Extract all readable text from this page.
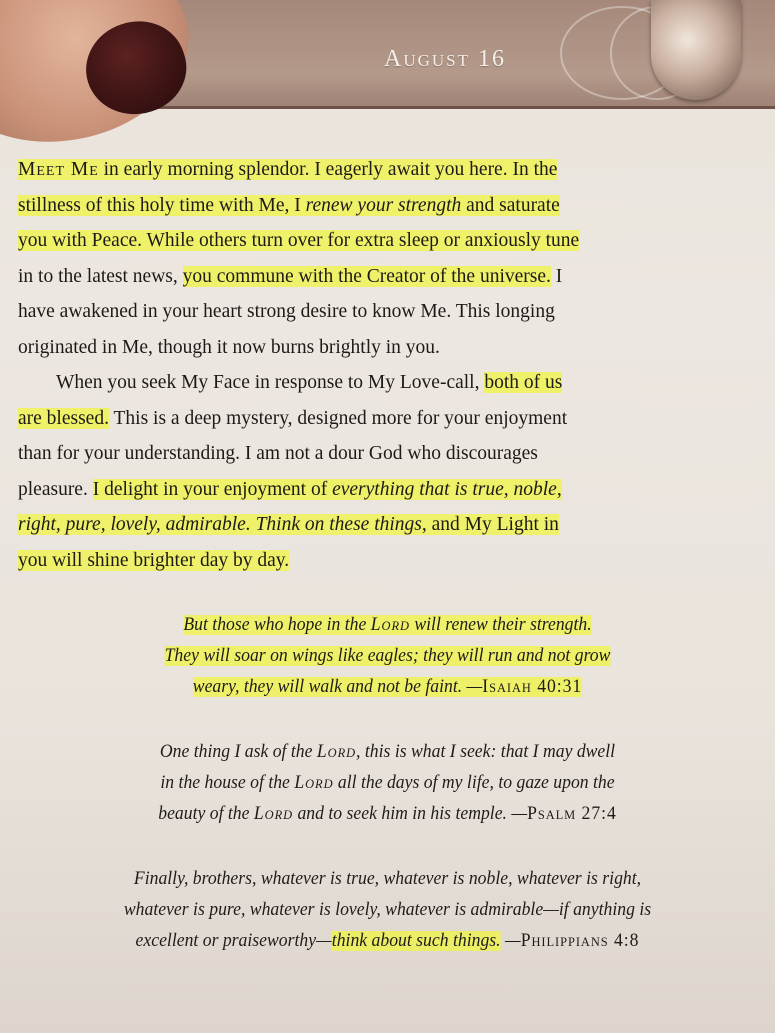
August 16
Meet Me in early morning splendor. I eagerly await you here. In the
stillness of this holy time with Me, I renew your strength and saturate
you with Peace. While others turn over for extra sleep or anxiously tune
in to the latest news, you commune with the Creator of the universe. I
have awakened in your heart strong desire to know Me. This longing
originated in Me, though it now burns brightly in you.
When you seek My Face in response to My Love-call, both of us
are blessed. This is a deep mystery, designed more for your enjoyment
than for your understanding. I am not a dour God who discourages
pleasure. I delight in your enjoyment of everything that is true, noble,
right, pure, lovely, admirable. Think on these things, and My Light in
you will shine brighter day by day.
But those who hope in the Lord will renew their strength.
They will soar on wings like eagles; they will run and not grow
weary, they will walk and not be faint. —Isaiah 40:31
One thing I ask of the Lord, this is what I seek: that I may dwell
in the house of the Lord all the days of my life, to gaze upon the
beauty of the Lord and to seek him in his temple. —Psalm 27:4
Finally, brothers, whatever is true, whatever is noble, whatever is right,
whatever is pure, whatever is lovely, whatever is admirable—if anything is
excellent or praiseworthy—think about such things. —Philippians 4:8
